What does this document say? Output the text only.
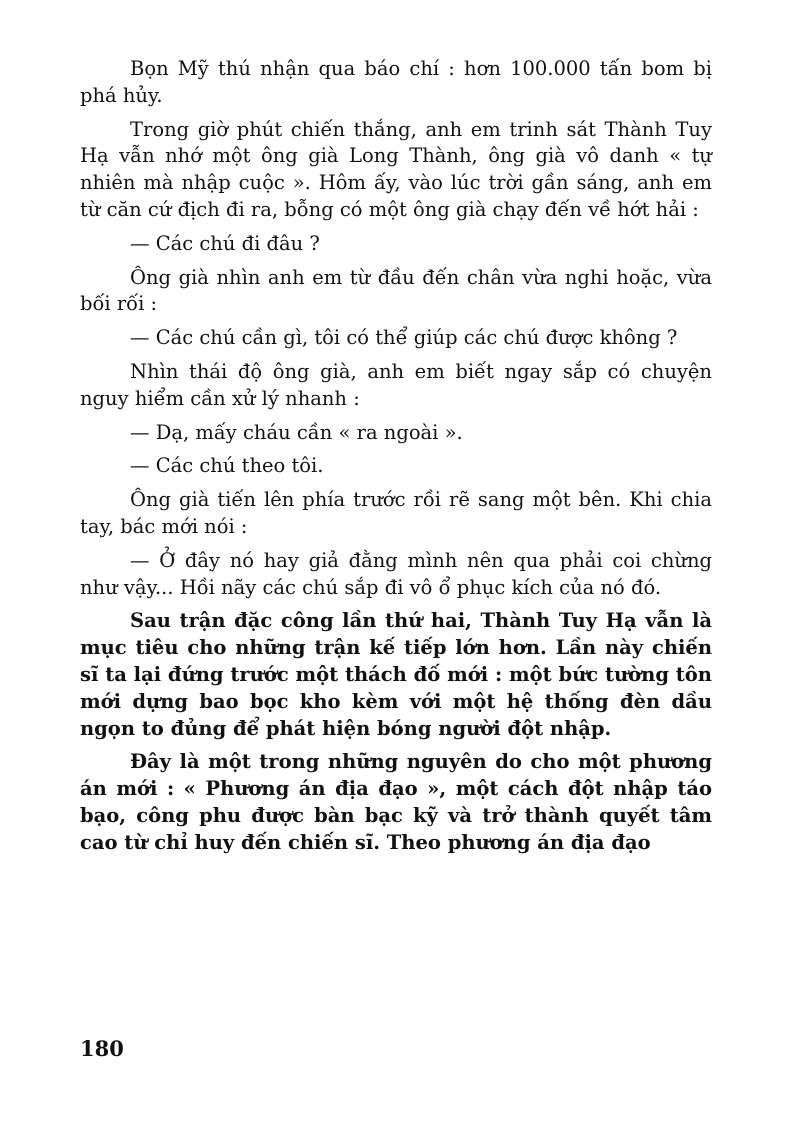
Bọn Mỹ thú nhận qua báo chí : hơn 100.000 tấn bom bị phá hủy.

Trong giờ phút chiến thắng, anh em trinh sát Thành Tuy Hạ vẫn nhớ một ông già Long Thành, ông già vô danh « tự nhiên mà nhập cuộc ». Hôm ấy, vào lúc trời gần sáng, anh em từ căn cứ địch đi ra, bỗng có một ông già chạy đến về hớt hải :

— Các chú đi đâu ?

Ông già nhìn anh em từ đầu đến chân vừa nghi hoặc, vừa bối rối :

— Các chú cần gì, tôi có thể giúp các chú được không ?

Nhìn thái độ ông già, anh em biết ngay sắp có chuyện nguy hiểm cần xử lý nhanh :

— Dạ, mấy cháu cần « ra ngoài ».

— Các chú theo tôi.

Ông già tiến lên phía trước rồi rẽ sang một bên. Khi chia tay, bác mới nói :

— Ở đây nó hay giả đằng mình nên qua phải coi chừng như vậy... Hồi nãy các chú sắp đi vô ổ phục kích của nó đó.

Sau trận đặc công lần thứ hai, Thành Tuy Hạ vẫn là mục tiêu cho những trận kế tiếp lớn hơn. Lần này chiến sĩ ta lại đứng trước một thách đố mới : một bức tường tôn mới dựng bao bọc kho kèm với một hệ thống đèn dầu ngọn to đủng để phát hiện bóng người đột nhập.

Đây là một trong những nguyên do cho một phương án mới : « Phương án địa đạo », một cách đột nhập táo bạo, công phu được bàn bạc kỹ và trở thành quyết tâm cao từ chỉ huy đến chiến sĩ. Theo phương án địa đạo

180
